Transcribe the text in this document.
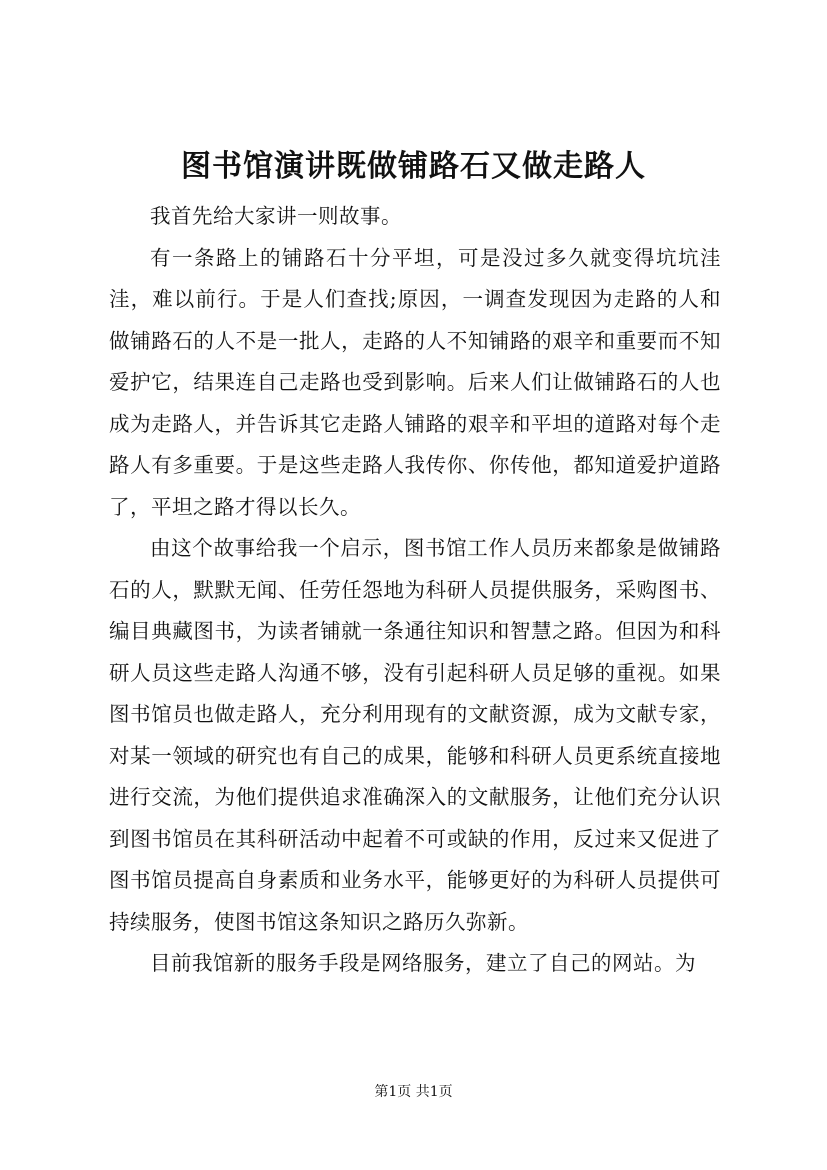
图书馆演讲既做铺路石又做走路人

我首先给大家讲一则故事。

有一条路上的铺路石十分平坦，可是没过多久就变得坑坑洼洼，难以前行。于是人们查找;原因，一调查发现因为走路的人和做铺路石的人不是一批人，走路的人不知铺路的艰辛和重要而不知爱护它，结果连自己走路也受到影响。后来人们让做铺路石的人也成为走路人，并告诉其它走路人铺路的艰辛和平坦的道路对每个走路人有多重要。于是这些走路人我传你、你传他，都知道爱护道路了，平坦之路才得以长久。

由这个故事给我一个启示，图书馆工作人员历来都象是做铺路石的人，默默无闻、任劳任怨地为科研人员提供服务，采购图书、编目典藏图书，为读者铺就一条通往知识和智慧之路。但因为和科研人员这些走路人沟通不够，没有引起科研人员足够的重视。如果图书馆员也做走路人，充分利用现有的文献资源，成为文献专家，对某一领域的研究也有自己的成果，能够和科研人员更系统直接地进行交流，为他们提供追求准确深入的文献服务，让他们充分认识到图书馆员在其科研活动中起着不可或缺的作用，反过来又促进了图书馆员提高自身素质和业务水平，能够更好的为科研人员提供可持续服务，使图书馆这条知识之路历久弥新。

目前我馆新的服务手段是网络服务，建立了自己的网站。为

第1页 共1页
